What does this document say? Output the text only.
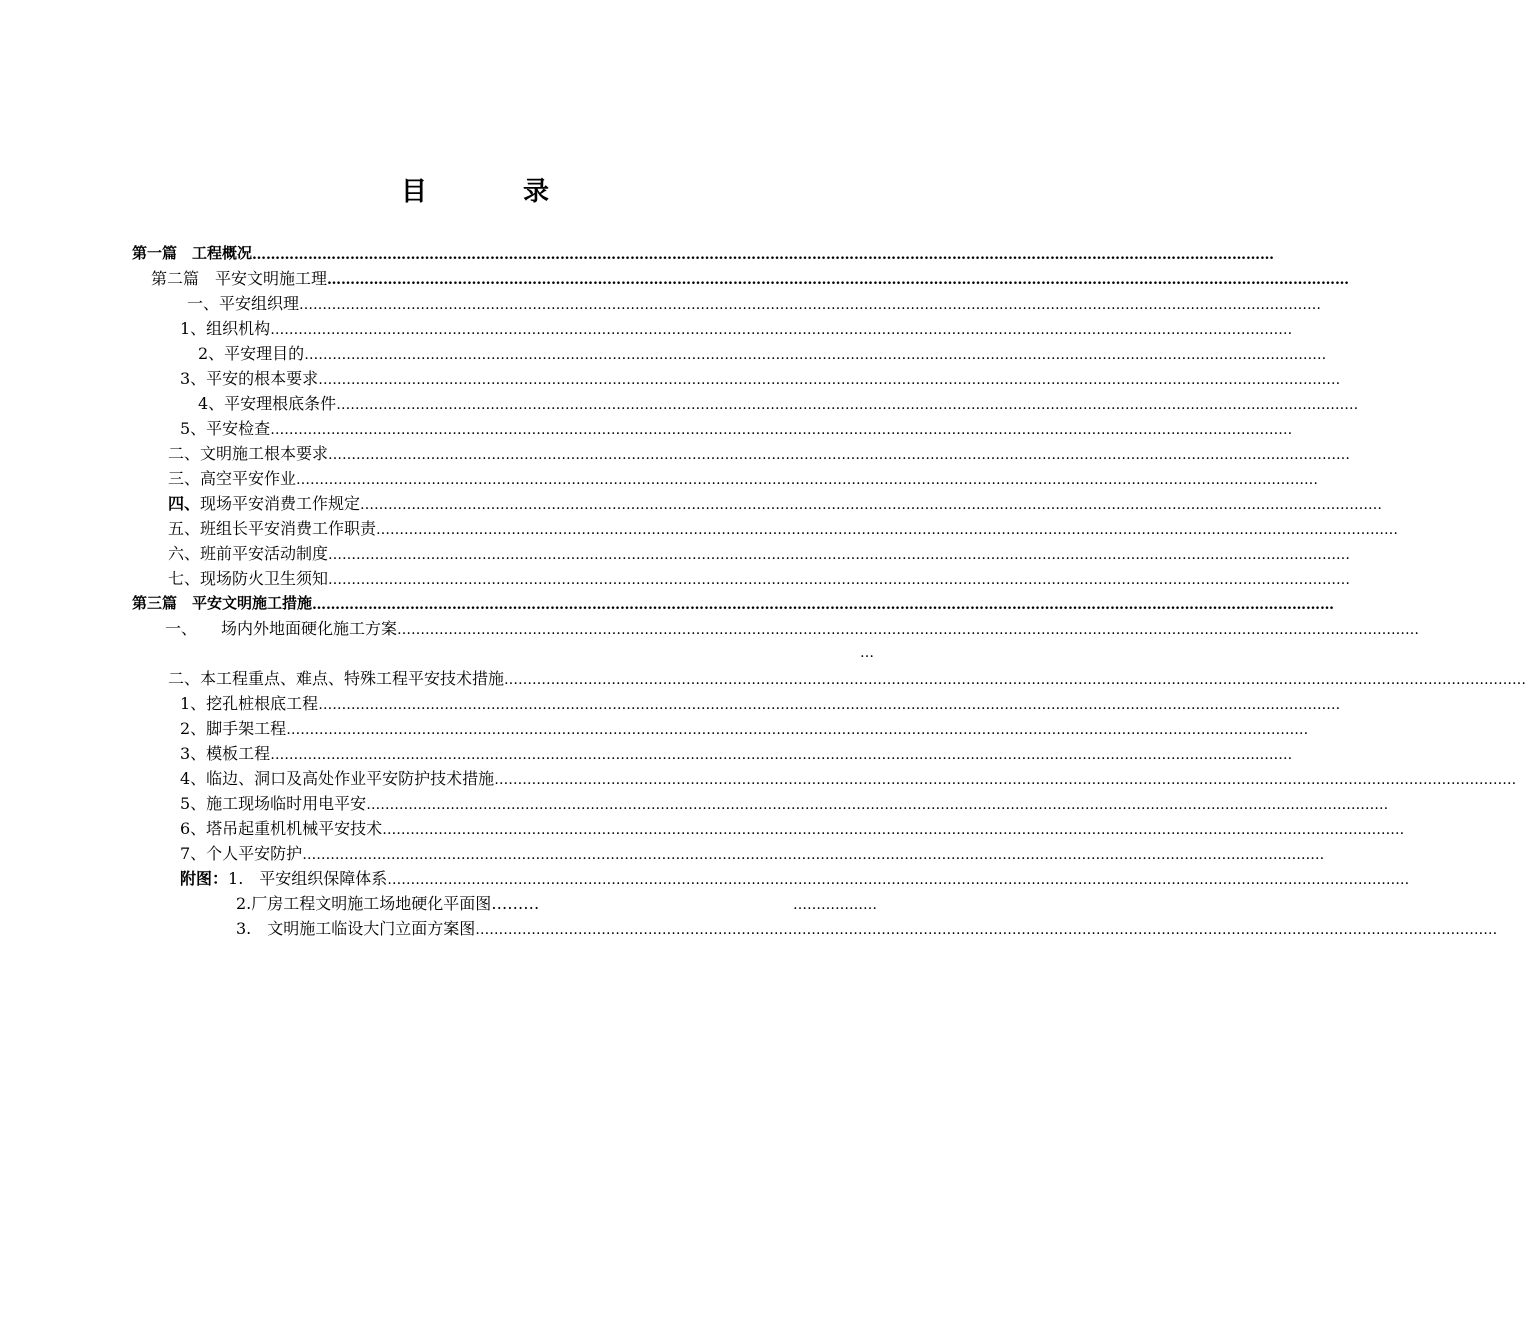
目	录
第一篇　工程概况 …………………………………………………………………………………………………………………………………………………………………………………………………
第二篇　平安文明施工理 …………………………………………………………………………………………………………………………………………………………………………………………………
一、平安组织理 …………………………………………………………………………………………………………………………………………………………………………………………………
1、组织机构 …………………………………………………………………………………………………………………………………………………………………………………………………
2、平安理目的 …………………………………………………………………………………………………………………………………………………………………………………………………
3、平安的根本要求 …………………………………………………………………………………………………………………………………………………………………………………………………
4、平安理根底条件 …………………………………………………………………………………………………………………………………………………………………………………………………
5、平安检查 …………………………………………………………………………………………………………………………………………………………………………………………………
二、文明施工根本要求 …………………………………………………………………………………………………………………………………………………………………………………………………
三、高空平安作业 …………………………………………………………………………………………………………………………………………………………………………………………………
四、现场平安消费工作规定 …………………………………………………………………………………………………………………………………………………………………………………………………
五、班组长平安消费工作职责 …………………………………………………………………………………………………………………………………………………………………………………………………
六、班前平安活动制度 …………………………………………………………………………………………………………………………………………………………………………………………………
七、现场防火卫生须知 …………………………………………………………………………………………………………………………………………………………………………………………………
第三篇　平安文明施工措施 …………………………………………………………………………………………………………………………………………………………………………………………………
一、　　场内外地面硬化施工方案 …………………………………………………………………………………………………………………………………………………………………………………………………
…
二、本工程重点、难点、特殊工程平安技术措施 …………………………………………………………………………………………………………………………………………………………………………………………………
1、挖孔桩根底工程 …………………………………………………………………………………………………………………………………………………………………………………………………
2、脚手架工程 …………………………………………………………………………………………………………………………………………………………………………………………………
3、模板工程 …………………………………………………………………………………………………………………………………………………………………………………………………
4、临边、洞口及高处作业平安防护技术措施 …………………………………………………………………………………………………………………………………………………………………………………………………
5、施工现场临时用电平安 …………………………………………………………………………………………………………………………………………………………………………………………………
6、塔吊起重机机械平安技术 …………………………………………………………………………………………………………………………………………………………………………………………………
7、个人平安防护 …………………………………………………………………………………………………………………………………………………………………………………………………
附图：1.　平安组织保障体系 …………………………………………………………………………………………………………………………………………………………………………………………………
2.厂房工程文明施工场地硬化平面图………	………………
3.　文明施工临设大门立面方案图 …………………………………………………………………………………………………………………………………………………………………………………………………
